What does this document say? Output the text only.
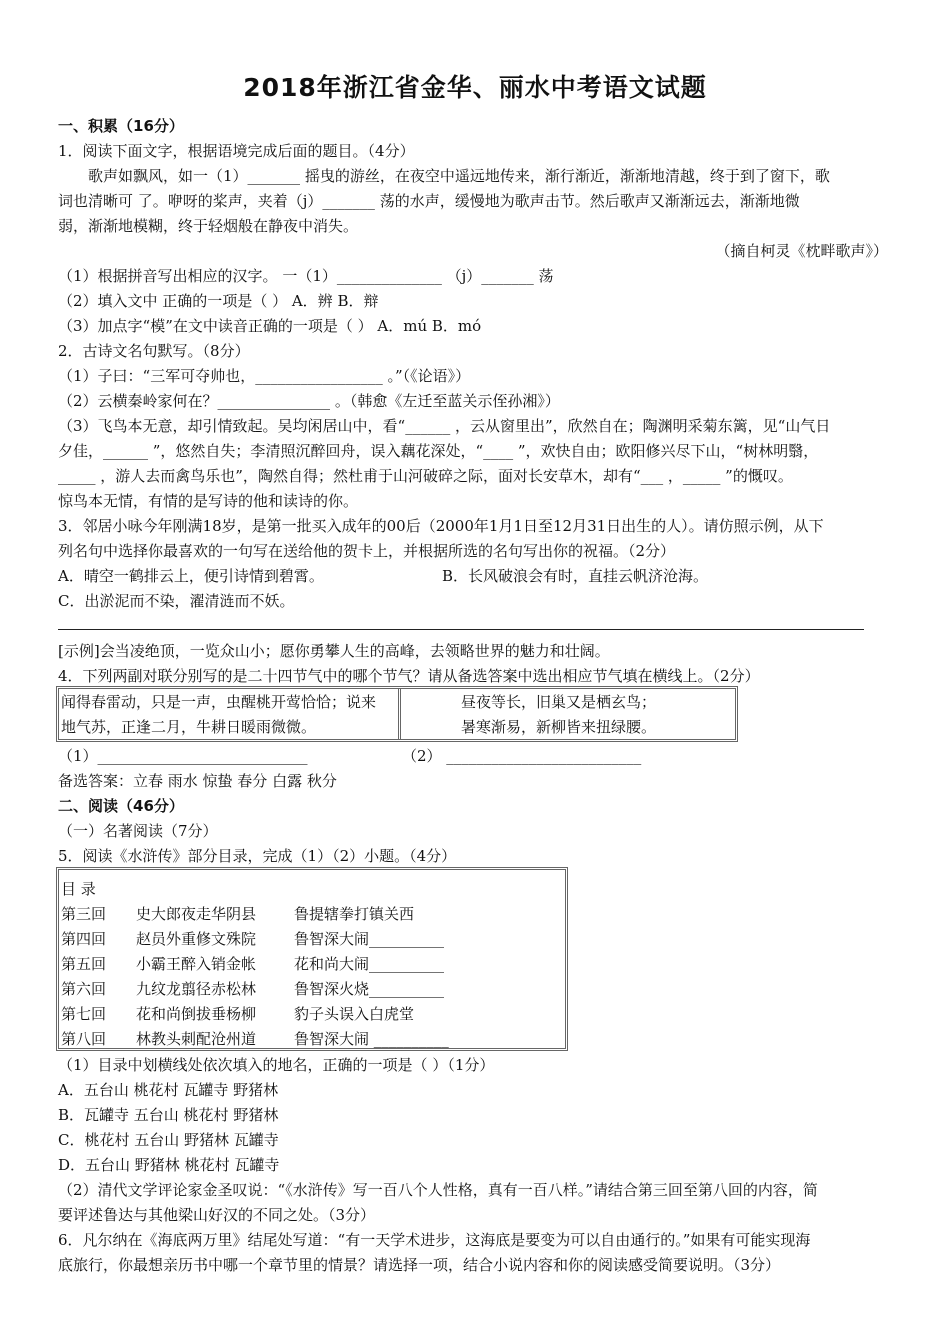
2018年浙江省金华、丽水中考语文试题
一、积累（16分）
1．阅读下面文字，根据语境完成后面的题目。（4分）
歌声如飘风，如一（1）_______ 摇曳的游丝，在夜空中遥远地传来，渐行渐近，渐渐地清越，终于到了窗下，歌
词也清晰可 了。咿呀的桨声，夹着（j）_______ 荡的水声，缓慢地为歌声击节。然后歌声又渐渐远去，渐渐地微
弱，渐渐地模糊，终于轻烟般在静夜中消失。
（摘自柯灵《枕畔歌声》）
（1）根据拼音写出相应的汉字。 一（1）______________ （j）_______ 荡
（2）填入文中 正确的一项是（ ） A．辨 B．辩
（3）加点字“模”在文中读音正确的一项是（ ） A．mú B．mó
2．古诗文名句默写。（8分）
（1）子曰：“三军可夺帅也，_________________ 。”（《论语》）
（2）云横秦岭家何在？_______________ 。（韩愈《左迁至蓝关示侄孙湘》）
（3）飞鸟本无意，却引情致起。吴均闲居山中，看“______ ，云从窗里出”，欣然自在；陶渊明采菊东篱，见“山气日
夕佳，______ ”，悠然自失；李清照沉醉回舟，误入藕花深处，“____ ”，欢快自由；欧阳修兴尽下山，“树林明翳，
_____ ，游人去而禽鸟乐也”，陶然自得；然杜甫于山河破碎之际，面对长安草木，却有“___ ，_____ ”的慨叹。
惊鸟本无情，有情的是写诗的他和读诗的你。
3．邻居小咏今年刚满18岁，是第一批买入成年的00后（2000年1月1日至12月31日出生的人）。请仿照示例，从下
列名句中选择你最喜欢的一句写在送给他的贺卡上，并根据所选的名句写出你的祝福。（2分）
A．晴空一鹤排云上，便引诗情到碧霄。	B．长风破浪会有时，直挂云帆济沧海。
C．出淤泥而不染，濯清涟而不妖。
[示例]会当凌绝顶，一览众山小；愿你勇攀人生的高峰，去领略世界的魅力和壮阔。
4．下列两副对联分别写的是二十四节气中的哪个节气？请从备选答案中选出相应节气填在横线上。（2分）
闻得春雷动，只是一声，虫醒桃开莺恰恰；说来
地气苏，正逢二月，牛耕日暖雨微微。
昼夜等长，旧巢又是栖玄鸟；
暑寒渐易，新柳皆来扭绿腰。
（1）____________________________	（2） __________________________
备选答案：立春 雨水 惊蛰 春分 白露 秋分
二、阅读（46分）
（一）名著阅读（7分）
5．阅读《水浒传》部分目录，完成（1）（2）小题。（4分）
目 录
第三回 史大郎夜走华阴县	鲁提辖拳打镇关西
第四回 赵员外重修文殊院	鲁智深大闹__________
第五回 小霸王醉入销金帐	花和尚大闹__________
第六回 九纹龙翦径赤松林	鲁智深火烧__________
第七回 花和尚倒拔垂杨柳	豹子头误入白虎堂
第八回 林教头刺配沧州道	鲁智深大闹 __________
（1）目录中划横线处依次填入的地名，正确的一项是（ ）（1分）
A．五台山 桃花村 瓦罐寺 野猪林
B．瓦罐寺 五台山 桃花村 野猪林
C．桃花村 五台山 野猪林 瓦罐寺
D．五台山 野猪林 桃花村 瓦罐寺
（2）清代文学评论家金圣叹说：“《水浒传》写一百八个人性格，真有一百八样。”请结合第三回至第八回的内容，简
要评述鲁达与其他梁山好汉的不同之处。（3分）
6．凡尔纳在《海底两万里》结尾处写道：“有一天学术进步，这海底是要变为可以自由通行的。”如果有可能实现海
底旅行，你最想亲历书中哪一个章节里的情景？请选择一项，结合小说内容和你的阅读感受简要说明。（3分）
